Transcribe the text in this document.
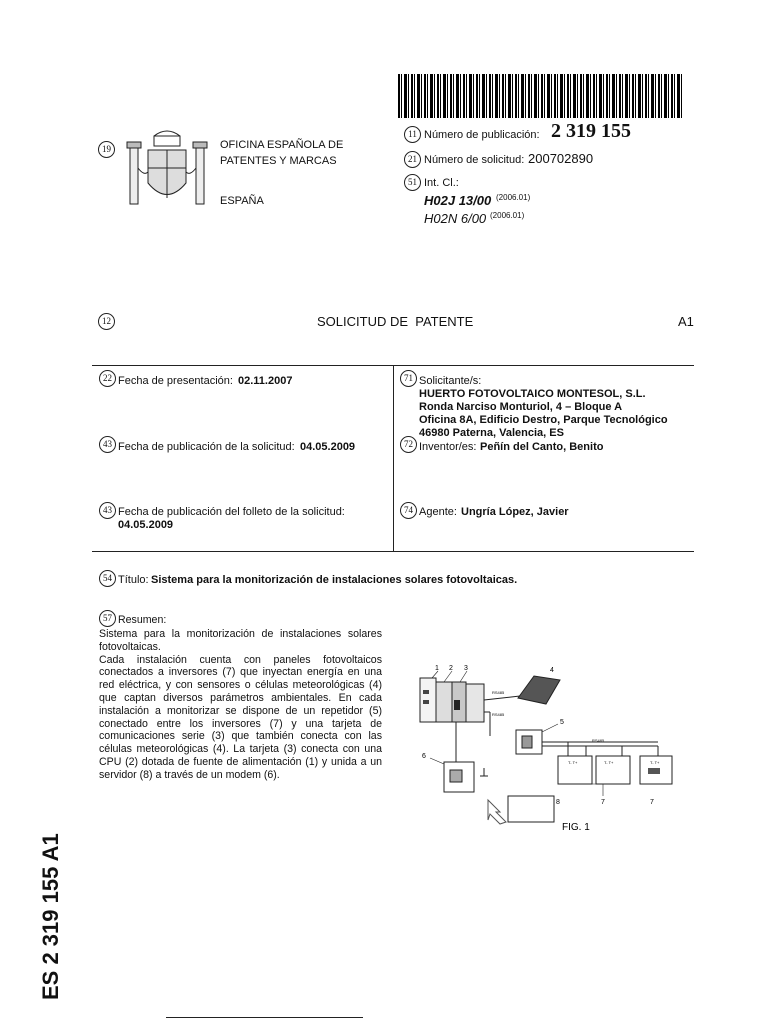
19	OFICINA ESPAÑOLA DE
PATENTES Y MARCAS
ESPAÑA
11 Número de publicación: 2 319 155
21 Número de solicitud: 200702890
51 Int. Cl.:
H02J 13/00 (2006.01)
H02N 6/00 (2006.01)
12	SOLICITUD DE  PATENTE	A1
22 Fecha de presentación: 02.11.2007
43 Fecha de publicación de la solicitud: 04.05.2009
43 Fecha de publicación del folleto de la solicitud:
04.05.2009
71 Solicitante/s:
HUERTO FOTOVOLTAICO MONTESOL, S.L.
Ronda Narciso Monturiol, 4 – Bloque A
Oficina 8A, Edificio Destro, Parque Tecnológico
46980 Paterna, Valencia, ES
72 Inventor/es: Peñín del Canto, Benito
74 Agente: Ungría López, Javier
54 Título: Sistema para la monitorización de instalaciones solares fotovoltaicas.
57 Resumen:

Sistema para la monitorización de instalaciones solares fotovoltaicas.

Cada instalación cuenta con paneles fotovoltaicos conectados a inversores (7) que inyectan energía en una red eléctrica, y con sensores o células meteorológicas (4) que captan diversos parámetros ambientales. En cada instalación a monitorizar se dispone de un repetidor (5) conectado entre los inversores (7) y una tarjeta de comunicaciones serie (3) que también conecta con las células meteorológicas (4). La tarjeta (3) conecta con una CPU (2) dotada de fuente de alimentación (1) y unida a un servidor (8) a través de un modem (6).

1 2 3	4
RS485
RS485
5
RS485
T- T+	T- T+	T- T+
7	7
6
8
FIG. 1
ES 2 319 155 A1
